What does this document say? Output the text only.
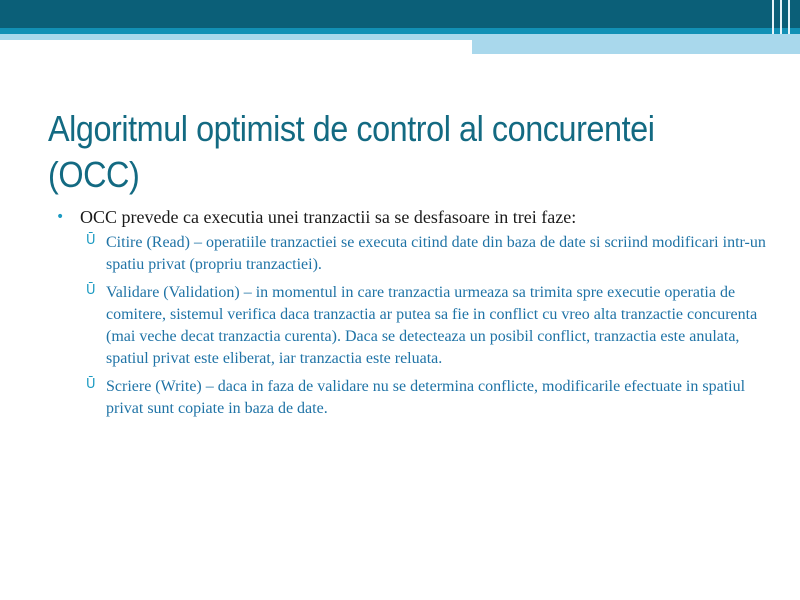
Algoritmul optimist de control al concurentei (OCC)
• OCC prevede ca executia unei tranzactii sa se desfasoare in trei faze:
Ū Citire (Read) – operatiile tranzactiei se executa citind date din baza de date si scriind modificari intr-un spatiu privat (propriu tranzactiei).
Ū Validare (Validation) – in momentul in care tranzactia urmeaza sa trimita spre executie operatia de comitere, sistemul verifica daca tranzactia ar putea sa fie in conflict cu vreo alta tranzactie concurenta (mai veche decat tranzactia curenta). Daca se detecteaza un posibil conflict, tranzactia este anulata, spatiul privat este eliberat, iar tranzactia este reluata.
Ū Scriere (Write) – daca in faza de validare nu se determina conflicte, modificarile efectuate in spatiul privat sunt copiate in baza de date.
